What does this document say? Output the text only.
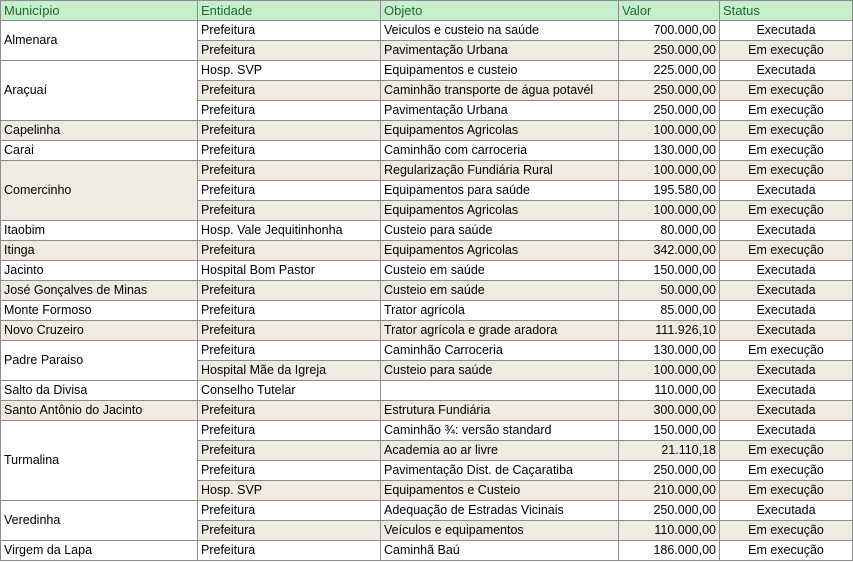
Município	Entidade	Objeto	Valor	Status
Almenara	Prefeitura	Veiculos e custeio na saúde	700.000,00	Executada
	Prefeitura	Pavimentação Urbana	250.000,00	Em execução
Araçuaí	Hosp. SVP	Equipamentos e custeio	225.000,00	Executada
	Prefeitura	Caminhão transporte de água potavél	250.000,00	Em execução
	Prefeitura	Pavimentação Urbana	250.000,00	Em execução
Capelinha	Prefeitura	Equipamentos Agricolas	100.000,00	Em execução
Carai	Prefeitura	Caminhão com carroceria	130.000,00	Em execução
Comercinho	Prefeitura	Regularização Fundiária Rural	100.000,00	Em execução
	Prefeitura	Equipamentos para saúde	195.580,00	Executada
	Prefeitura	Equipamentos Agricolas	100.000,00	Em execução
Itaobim	Hosp. Vale Jequitinhonha	Custeio para saúde	80.000,00	Executada
Itinga	Prefeitura	Equipamentos Agricolas	342.000,00	Em execução
Jacinto	Hospital Bom Pastor	Custeio em saúde	150.000,00	Executada
José Gonçalves de Minas	Prefeitura	Custeio em saúde	50.000,00	Executada
Monte Formoso	Prefeitura	Trator agrícola	85.000,00	Executada
Novo Cruzeiro	Prefeitura	Trator agrícola e grade aradora	111.926,10	Executada
Padre Paraiso	Prefeitura	Caminhão Carroceria	130.000,00	Em execução
	Hospital Mãe da Igreja	Custeio para saúde	100.000,00	Executada
Salto da Divisa	Conselho Tutelar		110.000,00	Executada
Santo Antônio do Jacinto	Prefeitura	Estrutura Fundiária	300.000,00	Executada
Turmalina	Prefeitura	Caminhão ¾: versão standard	150.000,00	Executada
	Prefeitura	Academia ao ar livre	21.110,18	Em execução
	Prefeitura	Pavimentação Dist. de Caçaratiba	250.000,00	Em execução
	Hosp. SVP	Equipamentos e Custeio	210.000,00	Em execução
Veredinha	Prefeitura	Adequação de Estradas Vicinais	250.000,00	Executada
	Prefeitura	Veículos e equipamentos	110.000,00	Em execução
Virgem da Lapa	Prefeitura	Caminhã Baú	186.000,00	Em execução
